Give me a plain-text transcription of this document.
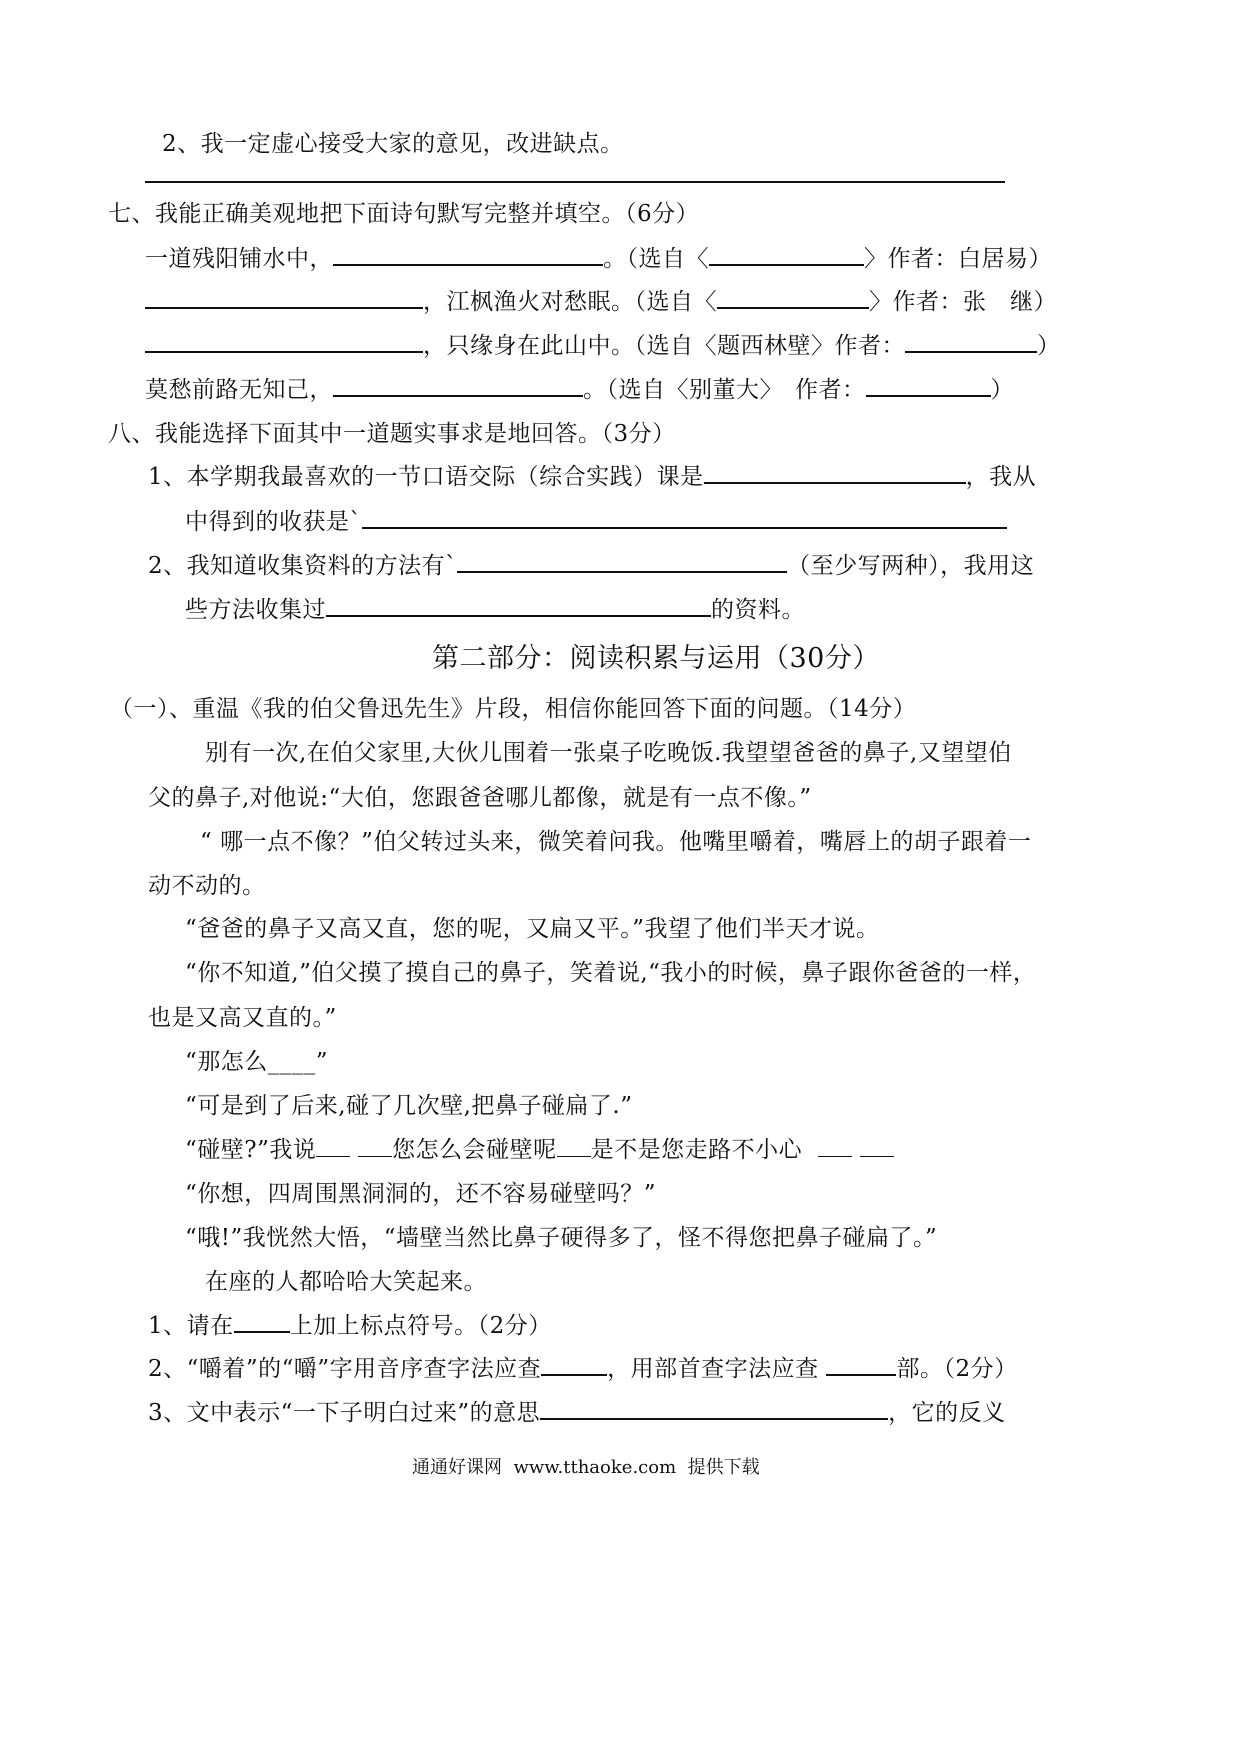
2、我一定虚心接受大家的意见，改进缺点。
七、我能正确美观地把下面诗句默写完整并填空。（6分）
一道残阳铺水中，	。（选自〈	〉作者：白居易）
，江枫渔火对愁眠。（选自〈	〉作者：张　继）
，只缘身在此山中。（选自〈题西林壁〉作者：	）
莫愁前路无知己，	。（选自〈别董大〉　作者：	）
八、我能选择下面其中一道题实事求是地回答。（3分）
1、本学期我最喜欢的一节口语交际（综合实践）课是	，我从
中得到的收获是`
2、我知道收集资料的方法有`	（至少写两种），我用这
些方法收集过	的资料。
第二部分：阅读积累与运用（30分）
（一）、重温《我的伯父鲁迅先生》片段，相信你能回答下面的问题。（14分）
别有一次,在伯父家里,大伙儿围着一张桌子吃晚饭.我望望爸爸的鼻子,又望望伯
父的鼻子,对他说:“大伯，您跟爸爸哪儿都像，就是有一点不像。”
“ 哪一点不像？”伯父转过头来，微笑着问我。他嘴里嚼着，嘴唇上的胡子跟着一
动不动的。
“爸爸的鼻子又高又直，您的呢，又扁又平。”我望了他们半天才说。
“你不知道,”伯父摸了摸自己的鼻子，笑着说,“我小的时候，鼻子跟你爸爸的一样，
也是又高又直的。”
“那怎么____”
“可是到了后来,碰了几次壁,把鼻子碰扁了.”
“碰壁?”我说	您怎么会碰壁呢 是不是您走路不小心
“你想，四周围黑洞洞的，还不容易碰壁吗？”
“哦!”我恍然大悟，“墙壁当然比鼻子硬得多了，怪不得您把鼻子碰扁了。”
在座的人都哈哈大笑起来。
1、请在 上加上标点符号。（2分）
2、“嚼着”的“嚼”字用音序查字法应查	，用部首查字法应查	部。（2分）
3、文中表示“一下子明白过来”的意思	，它的反义
通通好课网  www.tthaoke.com  提供下载
